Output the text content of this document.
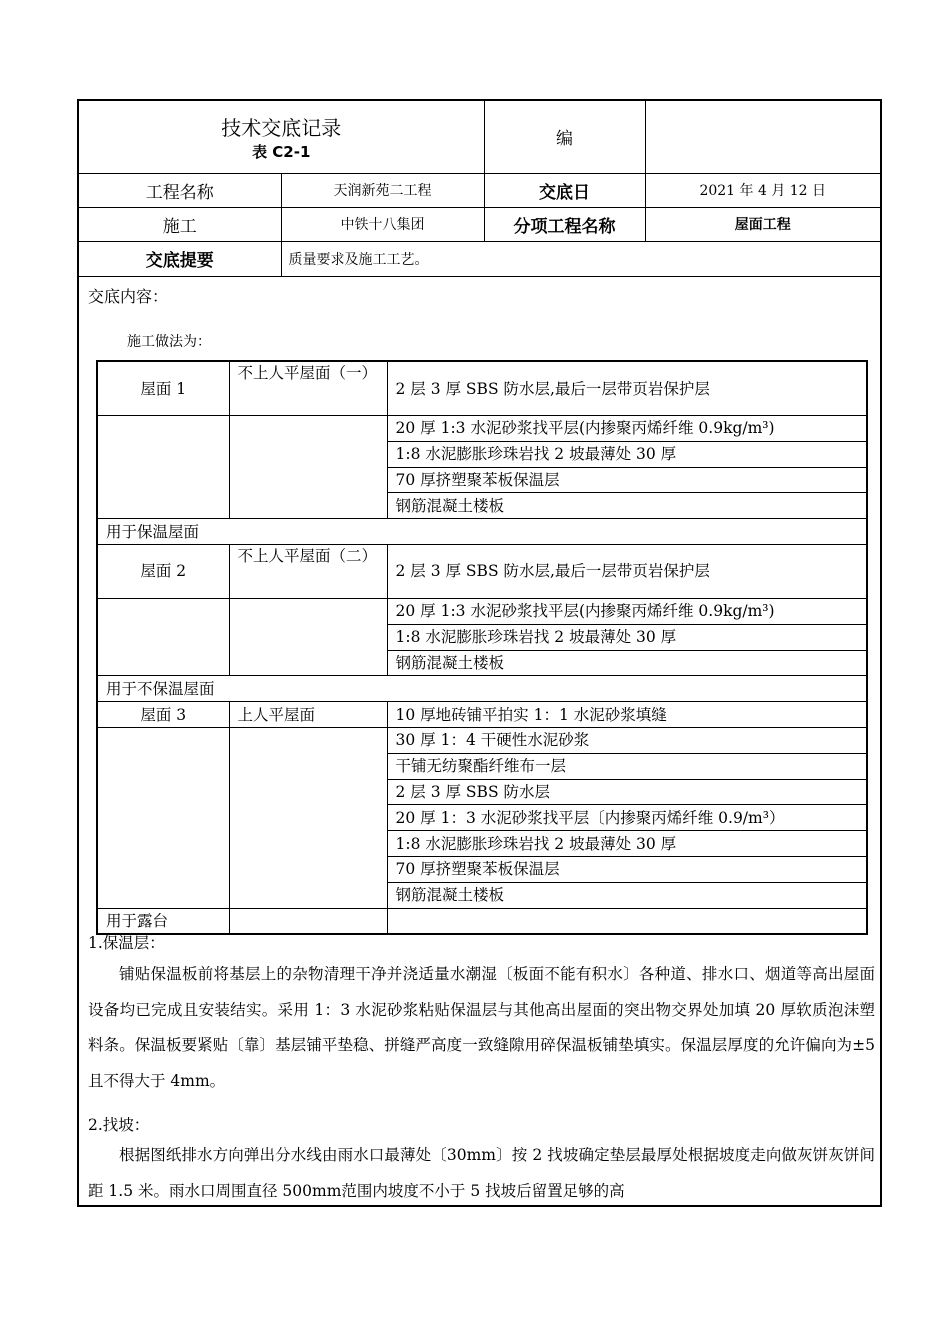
技术交底记录
表 C2-1		编	
工程名称	天润新苑二工程	交底日	2021 年 4 月 12 日
施工	中铁十八集团	分项工程名称	屋面工程
交底提要	质量要求及施工工艺。		
交底内容：
施工做法为：
屋面 1	不上人平屋面（一）	2 层 3 厚 SBS 防水层,最后一层带页岩保护层
		20 厚 1:3 水泥砂浆找平层(内掺聚丙烯纤维 0.9kg/m³)
		1:8 水泥膨胀珍珠岩找 2 坡最薄处 30 厚
		70 厚挤塑聚苯板保温层
		钢筋混凝土楼板
用于保温屋面		
屋面 2	不上人平屋面（二）	2 层 3 厚 SBS 防水层,最后一层带页岩保护层
		20 厚 1:3 水泥砂浆找平层(内掺聚丙烯纤维 0.9kg/m³)
		1:8 水泥膨胀珍珠岩找 2 坡最薄处 30 厚
		钢筋混凝土楼板
用于不保温屋面		
屋面 3	上人平屋面	10 厚地砖铺平拍实 1：1 水泥砂浆填缝
		30 厚 1：4 干硬性水泥砂浆
		干铺无纺聚酯纤维布一层
		2 层 3 厚 SBS 防水层
		20 厚 1：3 水泥砂浆找平层〔内掺聚丙烯纤维 0.9/m³）
		1:8 水泥膨胀珍珠岩找 2 坡最薄处 30 厚
		70 厚挤塑聚苯板保温层
		钢筋混凝土楼板
用于露台		
1.保温层：
铺贴保温板前将基层上的杂物清理干净并浇适量水潮湿〔板面不能有积水〕各种道、排水口、烟道等高出屋面设备均已完成且安装结实。采用 1：3 水泥砂浆粘贴保温层与其他高出屋面的突出物交界处加填 20 厚软质泡沫塑料条。保温板要紧贴〔靠〕基层铺平垫稳、拼缝严高度一致缝隙用碎保温板铺垫填实。保温层厚度的允许偏向为±5 且不得大于 4mm。
2.找坡：
根据图纸排水方向弹出分水线由雨水口最薄处〔30mm〕按 2 找坡确定垫层最厚处根据坡度走向做灰饼灰饼间距 1.5 米。雨水口周围直径 500mm范围内坡度不小于 5 找坡后留置足够的高
